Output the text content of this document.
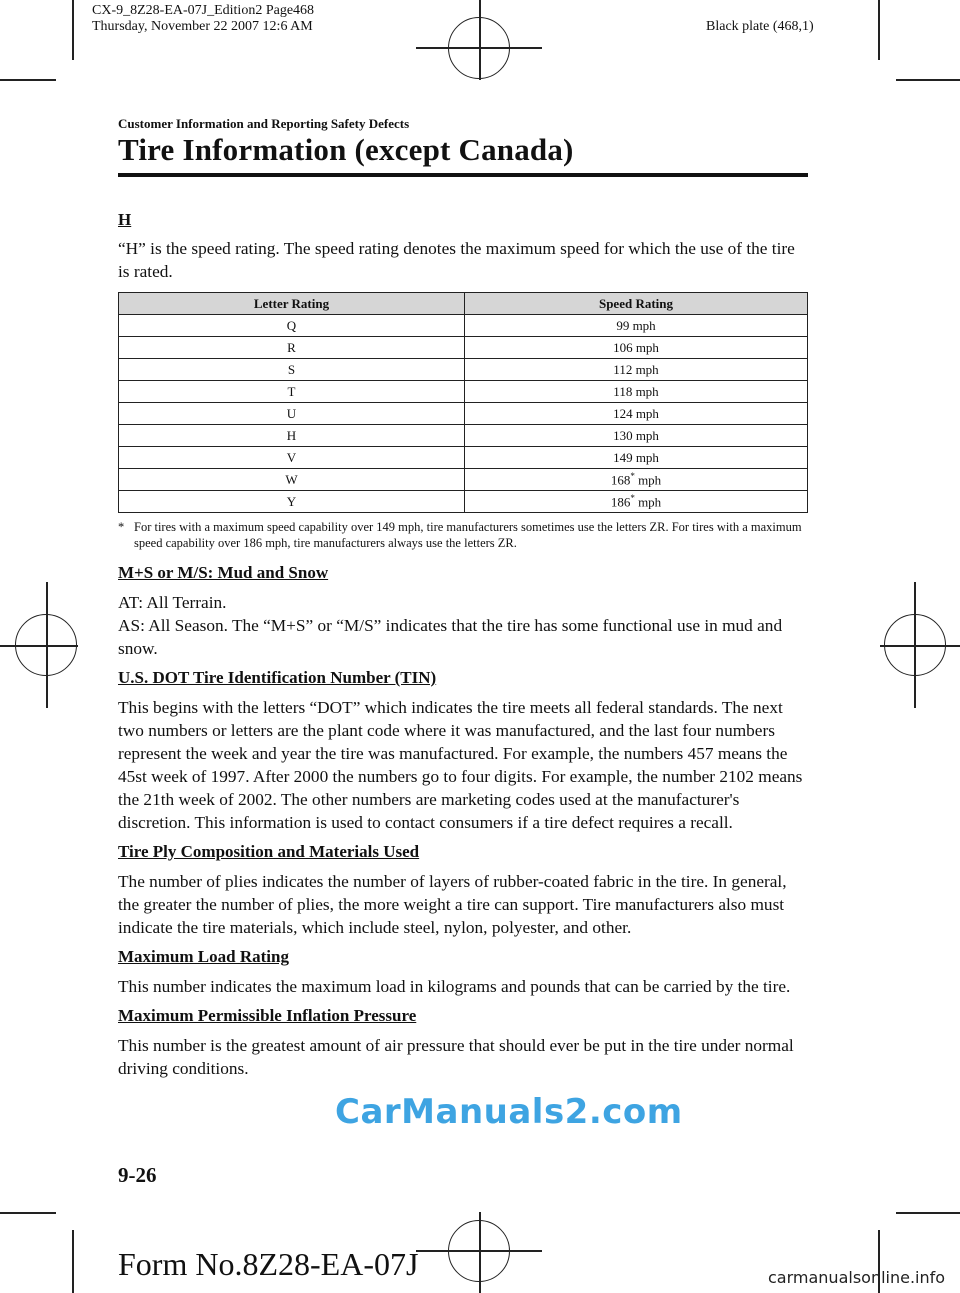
CX-9_8Z28-EA-07J_Edition2 Page468
Thursday, November 22 2007 12:6 AM	Black plate (468,1)
Customer Information and Reporting Safety Defects
Tire Information (except Canada)
H
“H” is the speed rating. The speed rating denotes the maximum speed for which the use of the tire is rated.
Letter Rating	Speed Rating
Q	99 mph
R	106 mph
S	112 mph
T	118 mph
U	124 mph
H	130 mph
V	149 mph
W	168* mph
Y	186* mph
* For tires with a maximum speed capability over 149 mph, tire manufacturers sometimes use the letters ZR. For tires with a maximum speed capability over 186 mph, tire manufacturers always use the letters ZR.
M+S or M/S: Mud and Snow
AT: All Terrain.
AS: All Season. The “M+S” or “M/S” indicates that the tire has some functional use in mud and snow.
U.S. DOT Tire Identification Number (TIN)
This begins with the letters “DOT” which indicates the tire meets all federal standards. The next two numbers or letters are the plant code where it was manufactured, and the last four numbers represent the week and year the tire was manufactured. For example, the numbers 457 means the 45st week of 1997. After 2000 the numbers go to four digits. For example, the number 2102 means the 21th week of 2002. The other numbers are marketing codes used at the manufacturer's discretion. This information is used to contact consumers if a tire defect requires a recall.
Tire Ply Composition and Materials Used
The number of plies indicates the number of layers of rubber-coated fabric in the tire. In general, the greater the number of plies, the more weight a tire can support. Tire manufacturers also must indicate the tire materials, which include steel, nylon, polyester, and other.
Maximum Load Rating
This number indicates the maximum load in kilograms and pounds that can be carried by the tire.
Maximum Permissible Inflation Pressure
This number is the greatest amount of air pressure that should ever be put in the tire under normal driving conditions.
CarManuals2.com
9-26
Form No.8Z28-EA-07J	carmanualsonline.info
